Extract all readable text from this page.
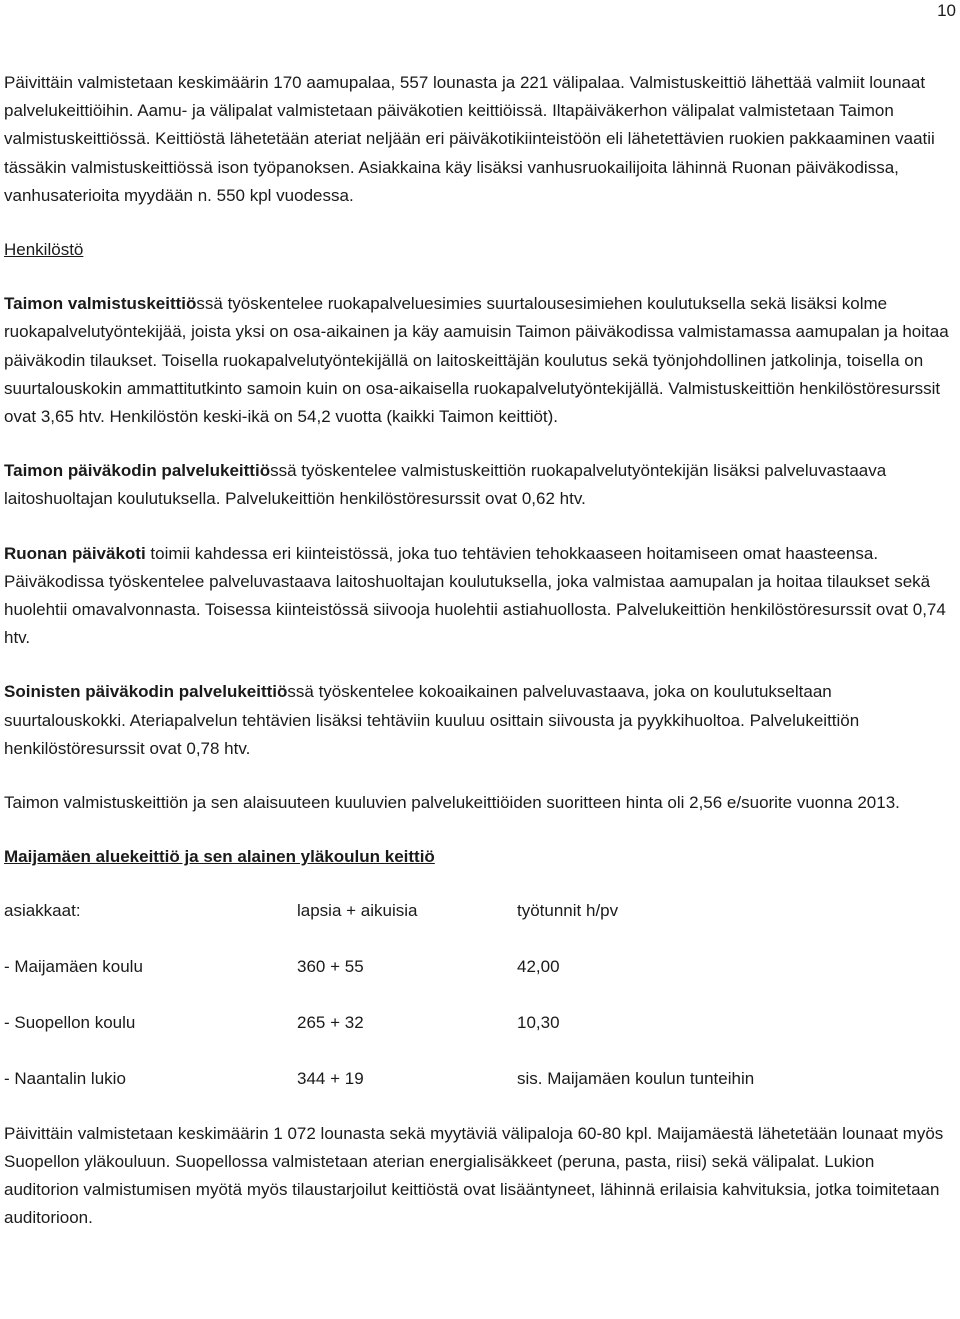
10

Päivittäin valmistetaan keskimäärin 170 aamupalaa, 557 lounasta ja 221 välipalaa. Valmistuskeittiö lähettää valmiit lounaat palvelukeittiöihin. Aamu- ja välipalat valmistetaan päiväkotien keittiöissä. Iltapäiväkerhon välipalat valmistetaan Taimon valmistuskeittiössä. Keittiöstä lähetetään ateriat neljään eri päiväkotikiinteistöön eli lähetettävien ruokien pakkaaminen vaatii tässäkin valmistuskeittiössä ison työpanoksen. Asiakkaina käy lisäksi vanhusruokailijoita lähinnä Ruonan päiväkodissa, vanhusaterioita myydään n. 550 kpl vuodessa.

Henkilöstö

Taimon valmistuskeittiössä työskentelee ruokapalveluesimies suurtalousesimiehen koulutuksella sekä lisäksi kolme ruokapalvelutyöntekijää, joista yksi on osa-aikainen ja käy aamuisin Taimon päiväkodissa valmistamassa aamupalan ja hoitaa päiväkodin tilaukset. Toisella ruokapalvelutyöntekijällä on laitoskeittäjän koulutus sekä työnjohdollinen jatkolinja, toisella on suurtalouskokin ammattitutkinto samoin kuin on osa-aikaisella ruokapalvelutyöntekijällä. Valmistuskeittiön henkilöstöresurssit ovat 3,65 htv. Henkilöstön keski-ikä on 54,2 vuotta (kaikki Taimon keittiöt).

Taimon päiväkodin palvelukeittiössä työskentelee valmistuskeittiön ruokapalvelutyöntekijän lisäksi palveluvastaava laitoshuoltajan koulutuksella. Palvelukeittiön henkilöstöresurssit ovat 0,62 htv.

Ruonan päiväkoti toimii kahdessa eri kiinteistössä, joka tuo tehtävien tehokkaaseen hoitamiseen omat haasteensa. Päiväkodissa työskentelee palveluvastaava laitoshuoltajan koulutuksella, joka valmistaa aamupalan ja hoitaa tilaukset sekä huolehtii omavalvonnasta. Toisessa kiinteistössä siivooja huolehtii astiahuollosta. Palvelukeittiön henkilöstöresurssit ovat 0,74 htv.

Soinisten päiväkodin palvelukeittiössä työskentelee kokoaikainen palveluvastaava, joka on koulutukseltaan suurtalouskokki. Ateriapalvelun tehtävien lisäksi tehtäviin kuuluu osittain siivousta ja pyykkihuoltoa. Palvelukeittiön henkilöstöresurssit ovat 0,78 htv.

Taimon valmistuskeittiön ja sen alaisuuteen kuuluvien palvelukeittiöiden suoritteen hinta oli 2,56 e/suorite vuonna 2013.

Maijamäen aluekeittiö ja sen alainen yläkoulun keittiö

asiakkaat:	lapsia + aikuisia	työtunnit h/pv
- Maijamäen koulu	360 + 55	42,00
- Suopellon koulu	265 + 32	10,30
- Naantalin lukio	344 + 19	sis. Maijamäen koulun tunteihin

Päivittäin valmistetaan keskimäärin 1 072 lounasta sekä myytäviä välipaloja 60-80 kpl. Maijamäestä lähetetään lounaat myös Suopellon yläkouluun. Suopellossa valmistetaan aterian energialisäkkeet (peruna, pasta, riisi) sekä välipalat. Lukion auditorion valmistumisen myötä myös tilaustarjoilut keittiöstä ovat lisääntyneet, lähinnä erilaisia kahvituksia, jotka toimitetaan auditorioon.
